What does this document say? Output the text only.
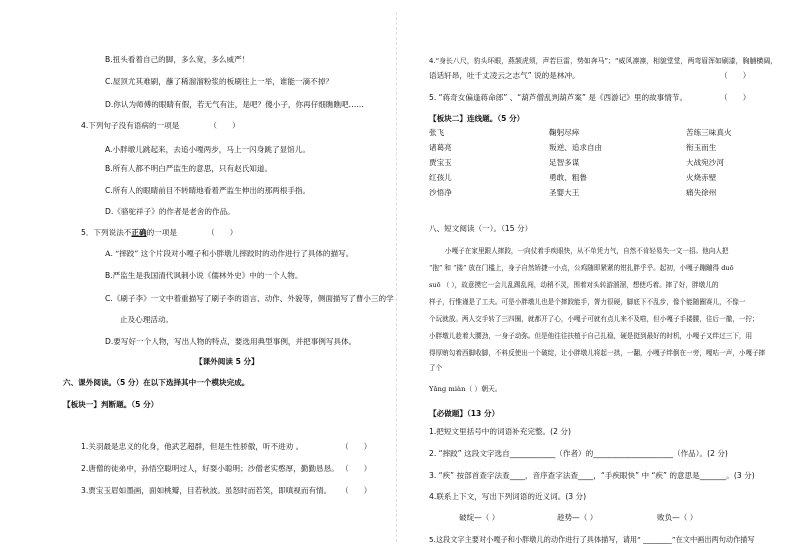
B.扭头看着自己的脚，多么宽，多么威严！
C.屋顶尤其难刷，蘸了稀溜溜粉浆的板刷往上一举，谁能一滴不掉？
D.你认为师傅的眼睛有假，若无气有注，是吧？傻小子，你再仔细瞧瞧吧……
4.下列句子没有语病的一项是	（　　）
A.小胖墩儿跳起来，去追小嘎两步，马上一闪身跳了显馆儿。
B.所有人都不明白严监生的意思，只有赵氏知道。
C.所有人的眼睛前目不转睛地看着严监生伸出的那两根手指。
D.《骆驼祥子》的作者是老舍的作品。
5．下列说法不正确的一项是	（　　）
A. “摔跤” 这个片段对小嘎子和小胖墩儿摔跤时的动作进行了具体的描写。
B.严监生是我国清代讽刺小说《儒林外史》中的一个人物。
C.《刷子李》一文中着重描写了刷子李的语言、动作、外貌等，侧面描写了曹小三的学
止及心理活动。
D.要写好一个人物，写出人物的特点，要选用典型事例，并把事例写具体。
【课外阅读 5 分】
六、课外阅读。（5 分）在以下选择其中一个模块完成。
【板块一】判断题。（5 分）
1.关羽最是忠义的化身，他武艺超群，但是生性骄傲，听不进劝 。	（　　）
2.唐僧的徒弟中，孙悟空聪明过人，好耍小聪明；沙僧老实憨厚，勤勤恳恳。 （　　）
3.贾宝玉眉如墨画，面如桃瓣，目若秋波。虽怒时而若笑，即嗔视而有情。 （　　）
4.“身长八尺，豹头环眼，燕颔虎须，声若巨雷，势如奔马”；“威风凛凛，相貌堂堂，两弯眉浑如刷漆，胸脯横阔，
语话轩昂，吐千丈凌云之志气” 说的是林冲。	（　　）
5. “蒋奇女偏逢蒋命郎” 、“葫芦僧乱判葫芦案” 是《西游记》里的故事情节。	（　　）
【板块二】连线题。（5 分）
张飞	鞠躬尽瘁	苦练三味真火
诸葛亮	叛逆、追求自由	衔玉而生
贾宝玉	足智多谋	大战宛沙河
红孩儿	勇敢、粗鲁	火烧赤壁
沙悟净	圣婴大王	痛失徐州
八、短文阅读（一）。（15 分）
小嘎子在家里跟人摔跤，一向仗着手疾眼快，从不单凭力气，自然不肯轻易失一文一招。他向人把
“抱” 和 “搂” 放在门槛上，身子自然矫捷一小点，公鸡随即紧紧的钳扎胖乎乎。起初，小嘎子蹦蹦得 duō
suō （ ），故意摸它一会儿乱踢乱闯，动稍不灵，围着对头转游溜溜，想使巧着。摔了好，胖墩儿的
样子，行惟谨是了工夫。可是小胖墩儿也是个摔跤能手，膂力很硬，脚底下不乱步，像个能随圈赛儿，不像一
个玩就放。两人交手转了三四圈，就都开了心，小嘎子可就有点儿来不及啦，但小嘎子手搂腰，往后一撤，一拧；
小胖墩儿趁着大腰劲，一身子动弥。但是他往往扶植于自己扎稳，硬是挺到最好的时机，小嘎子又绊过三下，用
得厚贿勾着西脚收脚，不料反使出一个破绽，让小胖墩儿将起一拱，一翻，小嘎子绊倒在一旁，嘎咕一声，小嘎子摔
了个
Yǎng miàn（ ）朝天。
【必做题】（13 分）
1.把短文里括号中的词语补充完整。(2 分)
2. “摔跤” 这段文字选自____________（作者）的_____________________（作品）。(2 分)
3. “疾” 按部首查字法查____，音序查字法查____，“手疾眼快” 中 “疾” 的意思是_______。(3 分)
4.联系上下文，写出下列词语的近义词。(3 分)
破绽—（ ）	趁势—（ ）	败负—（ ）
5.这段文字主要对小嘎子和小胖墩儿的动作进行了具体描写，请用“ ________”在文中画出两句动作描写
